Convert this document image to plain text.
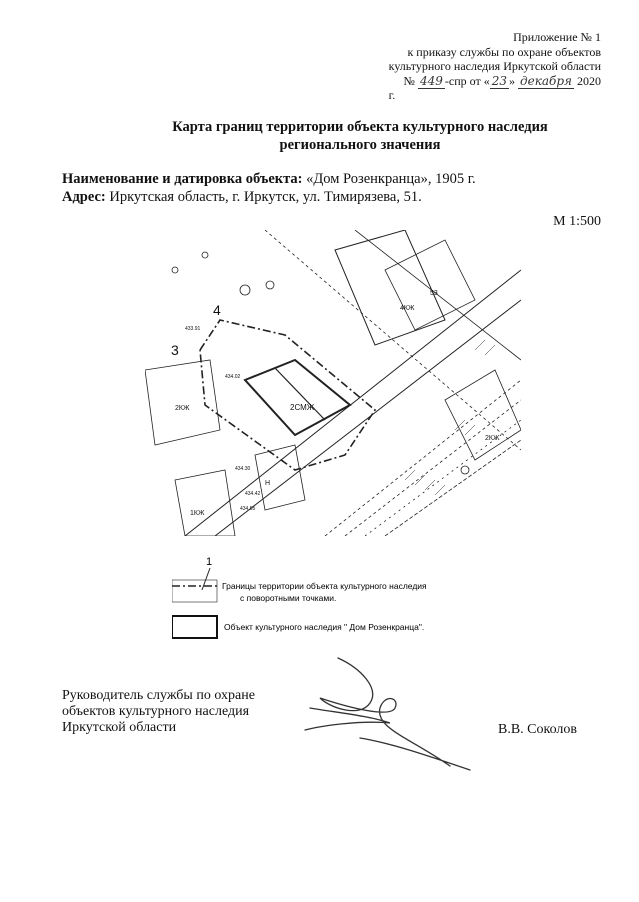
Приложение № 1
к приказу службы по охране объектов
культурного наследия Иркутской области
№ 449 -спр от « 23 » декабря 2020
г.
Карта границ территории объекта культурного наследия
регионального значения
Наименование и датировка объекта: «Дом Розенкранца», 1905 г.
Адрес: Иркутская область, г. Иркутск, ул. Тимирязева, 51.
М 1:500
3
4
2СМЖ
4КЖ
2КЖ
Н
2КЖ
1КЖ
53
433.91
434.02
434.30
434.42
434.55
1
Границы территории объекта культурного наследия
с поворотными точками.
Объект культурного наследия " Дом Розенкранца".
Руководитель службы по охране
объектов культурного наследия
Иркутской области	В.В. Соколов
